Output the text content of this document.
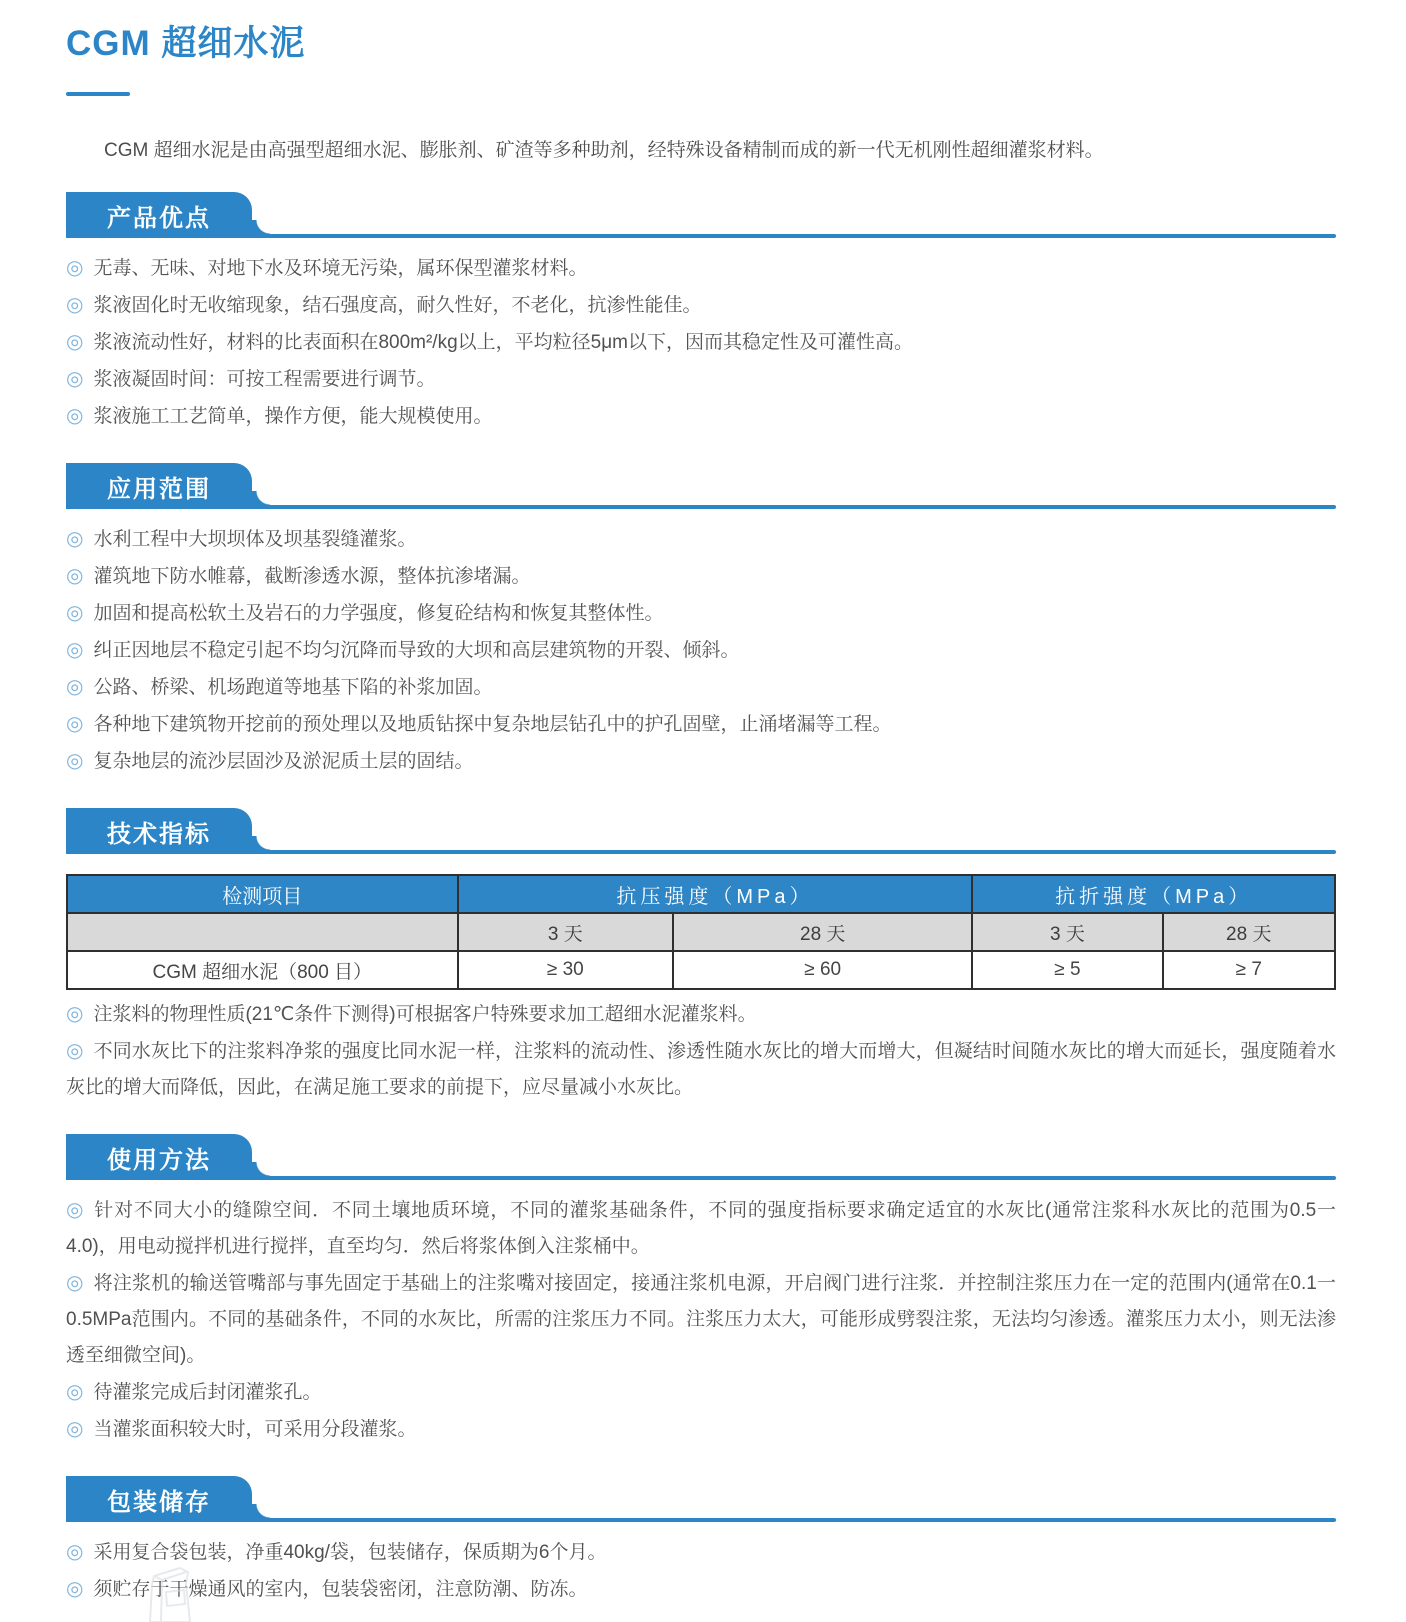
CGM 超细水泥

CGM 超细水泥是由高强型超细水泥、膨胀剂、矿渣等多种助剂，经特殊设备精制而成的新一代无机刚性超细灌浆材料。

产品优点

◎ 无毒、无味、对地下水及环境无污染，属环保型灌浆材料。

◎ 浆液固化时无收缩现象，结石强度高，耐久性好，不老化，抗渗性能佳。

◎ 浆液流动性好，材料的比表面积在800m²/kg以上，平均粒径5μm以下，因而其稳定性及可灌性高。

◎ 浆液凝固时间：可按工程需要进行调节。

◎ 浆液施工工艺简单，操作方便，能大规模使用。

应用范围

◎ 水利工程中大坝坝体及坝基裂缝灌浆。

◎ 灌筑地下防水帷幕，截断渗透水源，整体抗渗堵漏。

◎ 加固和提高松软土及岩石的力学强度，修复砼结构和恢复其整体性。

◎ 纠正因地层不稳定引起不均匀沉降而导致的大坝和高层建筑物的开裂、倾斜。

◎ 公路、桥梁、机场跑道等地基下陷的补浆加固。

◎ 各种地下建筑物开挖前的预处理以及地质钻探中复杂地层钻孔中的护孔固壁，止涌堵漏等工程。

◎ 复杂地层的流沙层固沙及淤泥质土层的固结。

技术指标
检测项目	抗压强度（MPa）		抗折强度（MPa）	
	3 天	28 天	3 天	28 天
CGM 超细水泥（800 目）	≥ 30	≥ 60	≥ 5	≥ 7

◎ 注浆料的物理性质(21℃条件下测得)可根据客户特殊要求加工超细水泥灌浆料。

◎ 不同水灰比下的注浆料净浆的强度比同水泥一样，注浆料的流动性、渗透性随水灰比的增大而增大，但凝结时间随水灰比的增大而延长，强度随着水灰比的增大而降低，因此，在满足施工要求的前提下，应尽量减小水灰比。

使用方法

◎ 针对不同大小的缝隙空间．不同土壤地质环境，不同的灌浆基础条件，不同的强度指标要求确定适宜的水灰比(通常注浆科水灰比的范围为0.5一4.0)，用电动搅拌机进行搅拌，直至均匀．然后将浆体倒入注浆桶中。

◎ 将注浆机的输送管嘴部与事先固定于基础上的注浆嘴对接固定，接通注浆机电源，开启阀门进行注浆．并控制注浆压力在一定的范围内(通常在0.1一0.5MPa范围内。不同的基础条件，不同的水灰比，所需的注浆压力不同。注浆压力太大，可能形成劈裂注浆，无法均匀渗透。灌浆压力太小，则无法渗透至细微空间)。

◎ 待灌浆完成后封闭灌浆孔。

◎ 当灌浆面积较大时，可采用分段灌浆。

包装储存

◎ 采用复合袋包装，净重40kg/袋，包装储存，保质期为6个月。

◎ 须贮存于干燥通风的室内，包装袋密闭，注意防潮、防冻。
